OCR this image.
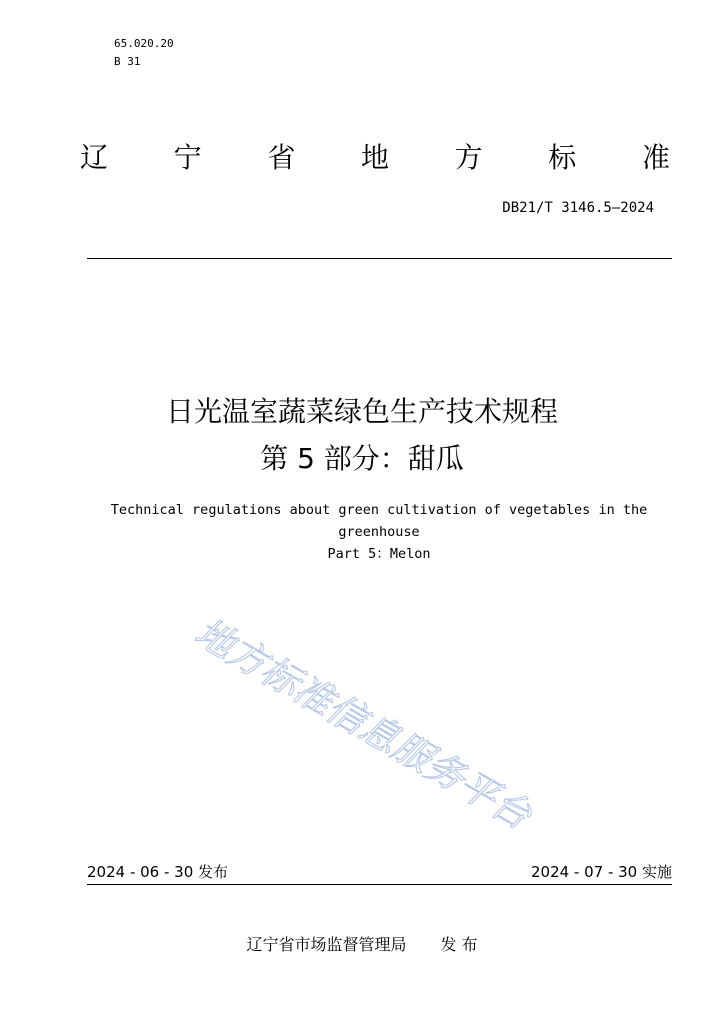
65.020.20
B 31
辽 宁 省 地 方 标 准
DB21/T 3146.5—2024
日光温室蔬菜绿色生产技术规程
第 5 部分：甜瓜
Technical regulations about green cultivation of vegetables in the
greenhouse
Part 5：Melon
地方标准信息服务平台
2024 - 06 - 30 发布	2024 - 07 - 30 实施
辽宁省市场监督管理局 发 布
